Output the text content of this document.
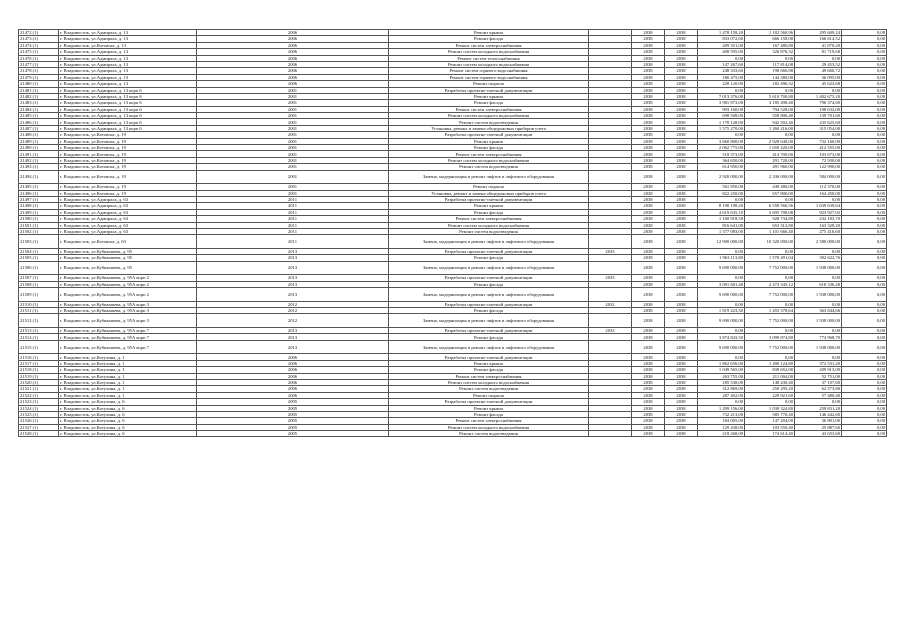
21472 (1)	г. Владивосток, ул.Адмирала, д. 13	2006	Ремонт крыши		2038	2038	1 478 158,20	1 182 560,96	295 609,24	0,00
21473 (1)	г. Владивосток, ул.Адмирала, д. 13	2006	Ремонт фасада		2038	2038	833 072,60	666 158,08	166 614,52	0,00
21474 (1)	г. Владивосток, ул.Котовска, д. 13	2006	Ремонт систем электроснабжения		2038	2038	209 351,00	167 480,80	41 870,20	0,00
21475 (1)	г. Владивосток, ул.Адмирала, д. 13	2006	Ремонт систем холодного водоснабжения		2038	2038	408 595,00	326 876,32	81 719,68	0,00
21476 (1)	г. Владивосток, ул.Адмирала, д. 13	2006	Ремонт систем теплоснабжения		2038	2038	0,00	0,00	0,00	0,00
21477 (1)	г. Владивосток, ул.Адмирала, д. 13	2006	Ремонт систем холодного водоснабжения		2038	2038	147 267,60	117 814,08	29 453,52	0,00
21478 (1)	г. Владивосток, ул.Адмирала, д. 13	2006	Ремонт систем горячего водоснабжения		2038	2038	248 333,60	198 666,88	49 666,72	0,00
21479 (1)	г. Владивосток, ул.Адмирала, д. 13	2006	Ремонт систем горячего водоснабжения		2038	2038	180 475,00	144 380,00	36 095,00	0,00
21480 (1)	г. Владивосток, ул.Адмирала, д. 13	2006	Ремонт подвала		2038	2038	228 120,00	182 496,32	45 623,68	0,00
21481 (1)	г. Владивосток, ул.Адмирала, д. 13 корп 6	2001	Разработка проектно-сметной документации		2038	2038	0,00	0,00	0,00	0,00
21482 (1)	г. Владивосток, ул.Адмирала, д. 13 корп 6	2001	Ремонт крыши		2038	2038	7 013 376,00	5 610 700,80	1 402 675,20	0,00
21483 (1)	г. Владивосток, ул.Адмирала, д. 13 корп 6	2001	Ремонт фасада		2038	2038	3 981 873,00	3 185 498,40	796 374,60	0,00
21484 (1)	г. Владивосток, ул.Адмирала, д. 13 корп 6	2001	Ремонт систем электроснабжения		2038	2038	993 160,00	794 528,00	198 632,00	0,00
21485 (1)	г. Владивосток, ул.Адмирала, д. 13 корп 6	2001	Ремонт систем холодного водоснабжения		2038	2038	698 508,00	558 806,40	139 701,60	0,00
21486 (1)	г. Владивосток, ул.Адмирала, д. 13 корп 6	2001	Ремонт систем водоотведения		2038	2038	1 178 128,00	942 502,40	235 625,60	0,00
21487 (1)	г. Владивосток, ул.Адмирала, д. 13 корп 6	2001	Установка, ремонт и замена общедомовых приборов учета		2038	2038	1 575 270,00	1 260 216,00	315 054,00	0,00
21488 (1)	г. Владивосток, ул.Котовска, д. 19	2001	Разработка проектно-сметной документации		2038	2038	0,00	0,00	0,00	0,00
21489 (1)	г. Владивосток, ул.Котовска, д. 19	2001	Ремонт крыши		2038	2038	3 660 800,00	2 928 640,00	732 160,00	0,00
21490 (1)	г. Владивосток, ул.Котовска, д. 19	2001	Ремонт фасада		2038	2038	2 062 775,00	1 650 220,00	412 555,00	0,00
21491 (1)	г. Владивосток, ул.Котовска, д. 19	2001	Ремонт систем электроснабжения		2038	2038	518 373,00	414 700,00	103 673,00	0,00
21492 (1)	г. Владивосток, ул.Котовска, д. 19	2001	Ремонт систем холодного водоснабжения		2038	2038	364 650,00	291 720,00	72 930,00	0,00
21493 (1)	г. Владивосток, ул.Котовска, д. 19	2001	Ремонт систем водоотведения		2038	2038	614 950,00	491 960,00	122 990,00	0,00
21494 (1)	г. Владивосток, ул.Котовска, д. 19	2001	Замена, модернизация и ремонт лифтов и лифтового оборудования		2038	2038	2 920 000,00	2 336 000,00	584 000,00	0,00
21495 (1)	г. Владивосток, ул.Котовска, д. 19	2001	Ремонт подвала		2038	2038	561 850,00	449 480,00	112 370,00	0,00
21496 (1)	г. Владивосток, ул.Котовска, д. 19	2001	Установка, ремонт и замена общедомовых приборов учета		2038	2038	822 250,00	657 800,00	164 450,00	0,00
21497 (1)	г. Владивосток, ул.Адмирала, д. 63	2011	Разработка проектно-сметной документации		2038	2038	0,00	0,00	0,00	0,00
21498 (1)	г. Владивосток, ул.Адмирала, д. 63	2011	Ремонт крыши		2038	2038	8 198 198,20	6 558 560,56	1 639 639,64	0,00
21499 (1)	г. Владивосток, ул.Адмирала, д. 63	2011	Ремонт фасада		2038	2038	4 619 635,10	3 695 708,08	923 927,02	0,00
21500 (1)	г. Владивосток, ул.Адмирала, д. 63	2011	Ремонт систем электроснабжения		2038	2038	1 160 918,50	928 734,80	232 183,70	0,00
21501 (1)	г. Владивосток, ул.Адмирала, д. 63	2011	Ремонт систем холодного водоснабжения		2038	2038	816 641,00	653 312,80	163 328,20	0,00
21502 (1)	г. Владивосток, ул.Адмирала, д. 63	2011	Ремонт систем водоотведения		2038	2038	1 377 083,00	1 101 666,40	275 416,60	0,00
21503 (1)	г. Владивосток, ул.Котовска, д. 63	2011	Замена, модернизация и ремонт лифтов и лифтового оборудования		2038	2038	12 900 000,00	10 320 000,00	2 580 000,00	0,00
21504 (1)	г. Владивосток, ул.Кубикашева, д. 95	2013	Разработка проектно-сметной документации	2033	2038	2038	0,00	0,00	0,00	0,00
21505 (1)	г. Владивосток, ул.Кубикашева, д. 95	2013	Ремонт фасада		2038	2038	1 963 113,80	1 570 491,04	392 622,76	0,00
21506 (1)	г. Владивосток, ул.Кубикашева, д. 95	2013	Замена, модернизация и ремонт лифтов и лифтового оборудования		2038	2038	9 690 000,00	7 752 000,00	1 938 000,00	0,00
21507 (1)	г. Владивосток, ул.Кубикашева, д. 95А корп 2	2013	Разработка проектно-сметной документации	2033	2038	2038	0,00	0,00	0,00	0,00
21508 (1)	г. Владивосток, ул.Кубикашева, д. 95А корп 2	2013	Ремонт фасада		2038	2038	3 091 681,40	2 473 345,12	618 336,28	0,00
21509 (1)	г. Владивосток, ул.Кубикашева, д. 95А корп 2	2013	Замена, модернизация и ремонт лифтов и лифтового оборудования		2038	2038	9 690 000,00	7 752 000,00	1 938 000,00	0,00
21510 (1)	г. Владивосток, ул.Кубикашева, д. 95А корп 3	2012	Разработка проектно-сметной документации	2032	2038	2038	0,00	0,00	0,00	0,00
21511 (1)	г. Владивосток, ул.Кубикашева, д. 95А корп 3	2012	Ремонт фасада		2038	2038	1 819 223,30	1 455 378,64	363 844,66	0,00
21512 (1)	г. Владивосток, ул.Кубикашева, д. 95А корп 3	2012	Замена, модернизация и ремонт лифтов и лифтового оборудования		2038	2038	9 690 000,00	7 752 000,00	1 938 000,00	0,00
21513 (1)	г. Владивосток, ул.Кубикашева, д. 95А корп 7	2013	Разработка проектно-сметной документации	2033	2038	2038	0,00	0,00	0,00	0,00
21514 (1)	г. Владивосток, ул.Кубикашева, д. 95А корп 7	2013	Ремонт фасада		2038	2038	3 874 843,50	3 099 874,80	774 968,70	0,00
21515 (1)	г. Владивосток, ул.Кубикашева, д. 95А корп 7	2013	Замена, модернизация и ремонт лифтов и лифтового оборудования		2038	2038	9 690 000,00	7 752 000,00	1 938 000,00	0,00
21516 (1)	г. Владивосток, ул.Котухина, д. 1	2006	Разработка проектно-сметной документации		2038	2038	0,00	0,00	0,00	0,00
21517 (1)	г. Владивосток, ул.Котухина, д. 1	2006	Ремонт крыши		2038	2038	1 862 656,00	1 490 124,80	372 531,20	0,00
21518 (1)	г. Владивосток, ул.Котухина, д. 1	2006	Ремонт фасада		2038	2038	1 049 565,00	839 652,00	209 913,00	0,00
21519 (1)	г. Владивосток, ул.Котухина, д. 1	2006	Ремонт систем электроснабжения		2038	2038	263 755,00	211 004,00	52 751,00	0,00
21520 (1)	г. Владивосток, ул.Котухина, д. 1	2006	Ремонт систем холодного водоснабжения		2038	2038	185 538,00	148 430,40	37 107,60	0,00
21521 (1)	г. Владивосток, ул.Котухина, д. 1	2006	Ремонт систем водоотведения		2038	2038	312 869,00	250 295,20	62 573,80	0,00
21522 (1)	г. Владивосток, ул.Котухина, д. 1	2006	Ремонт подвала		2038	2038	287 402,00	229 921,60	57 480,40	0,00
21523 (1)	г. Владивосток, ул.Котухина, д. 6	2005	Разработка проектно-сметной документации		2038	2038	0,00	0,00	0,00	0,00
21524 (1)	г. Владивосток, ул.Котухина, д. 6	2005	Ремонт крыши		2038	2038	1 299 156,00	1 039 324,80	259 831,20	0,00
21525 (1)	г. Владивосток, ул.Котухина, д. 6	2005	Ремонт фасада		2038	2038	732 213,00	585 770,40	146 442,60	0,00
21526 (1)	г. Владивосток, ул.Котухина, д. 6	2005	Ремонт систем электроснабжения		2038	2038	184 005,00	147 204,00	36 801,00	0,00
21527 (1)	г. Владивосток, ул.Котухина, д. 6	2005	Ремонт систем холодного водоснабжения		2038	2038	129 438,00	103 550,40	25 887,60	0,00
21528 (1)	г. Владивосток, ул.Котухина, д. 6	2005	Ремонт систем водоотведения		2038	2038	218 268,00	174 614,40	43 653,60	0,00
